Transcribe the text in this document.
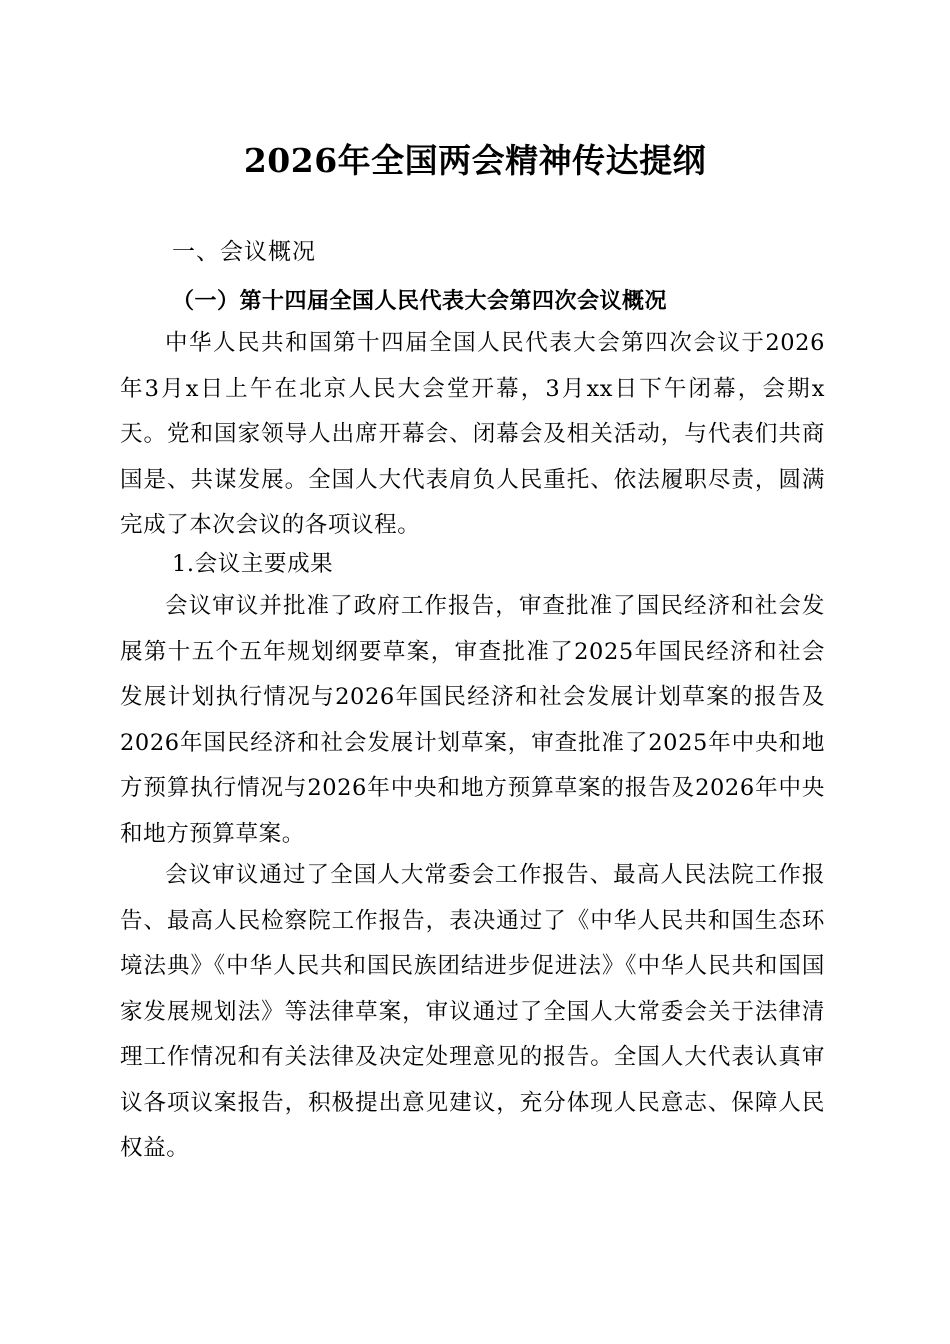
2026年全国两会精神传达提纲
一、会议概况
（一）第十四届全国人民代表大会第四次会议概况

中华人民共和国第十四届全国人民代表大会第四次会议于2026年3月x日上午在北京人民大会堂开幕，3月xx日下午闭幕，会期x天。党和国家领导人出席开幕会、闭幕会及相关活动，与代表们共商国是、共谋发展。全国人大代表肩负人民重托、依法履职尽责，圆满完成了本次会议的各项议程。

1.会议主要成果

会议审议并批准了政府工作报告，审查批准了国民经济和社会发展第十五个五年规划纲要草案，审查批准了2025年国民经济和社会发展计划执行情况与2026年国民经济和社会发展计划草案的报告及2026年国民经济和社会发展计划草案，审查批准了2025年中央和地方预算执行情况与2026年中央和地方预算草案的报告及2026年中央和地方预算草案。

会议审议通过了全国人大常委会工作报告、最高人民法院工作报告、最高人民检察院工作报告，表决通过了《中华人民共和国生态环境法典》《中华人民共和国民族团结进步促进法》《中华人民共和国国家发展规划法》等法律草案，审议通过了全国人大常委会关于法律清理工作情况和有关法律及决定处理意见的报告。全国人大代表认真审议各项议案报告，积极提出意见建议，充分体现人民意志、保障人民权益。
